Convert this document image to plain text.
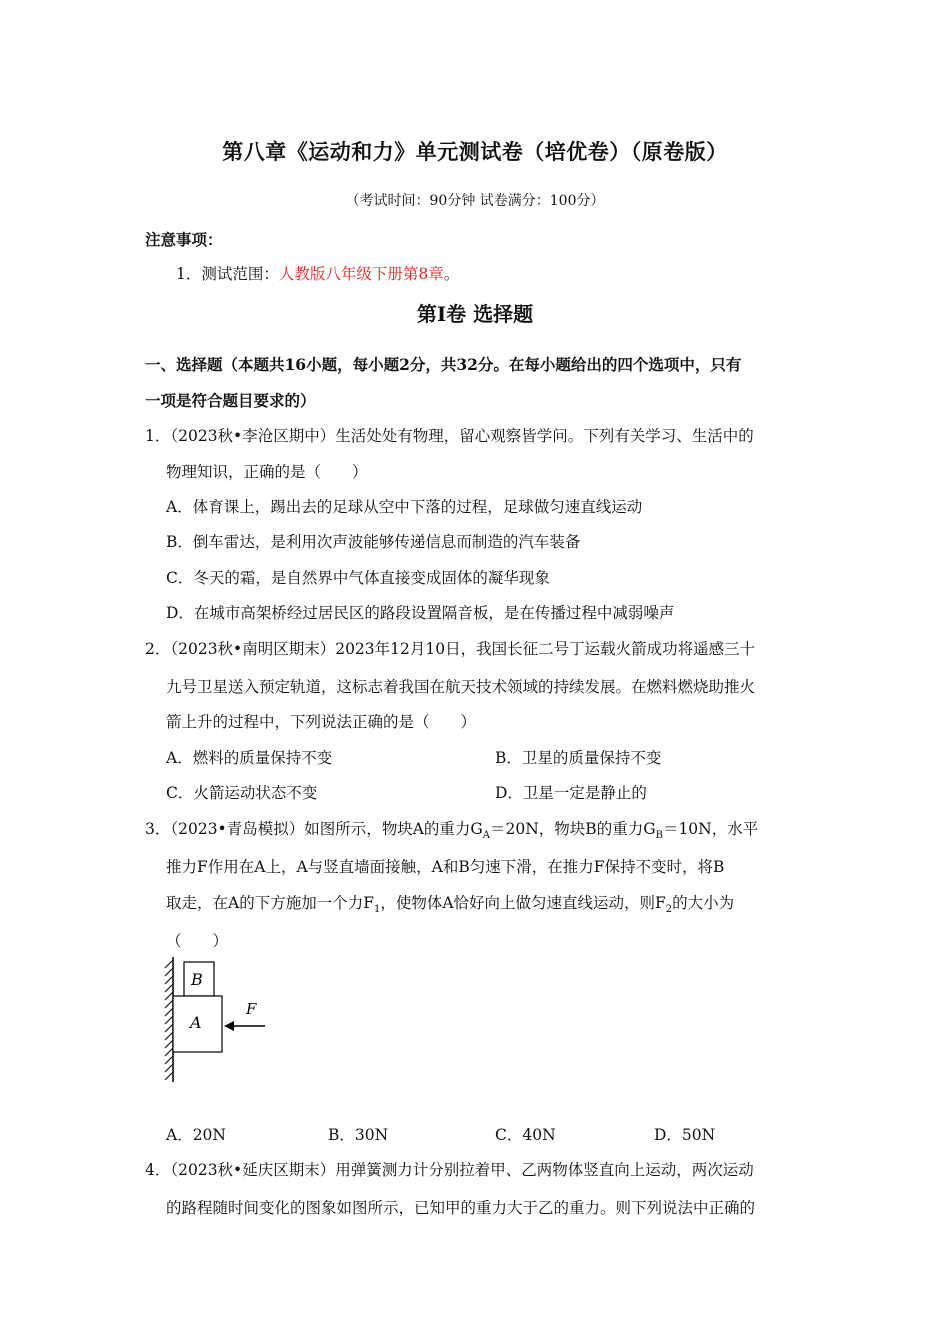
第八章《运动和力》单元测试卷（培优卷）（原卷版）
（考试时间：90分钟 试卷满分：100分）
注意事项：
1．测试范围：人教版八年级下册第8章。
第Ⅰ卷 选择题
一、选择题（本题共16小题，每小题2分，共32分。在每小题给出的四个选项中，只有
一项是符合题目要求的）
1．（2023秋•李沧区期中）生活处处有物理，留心观察皆学问。下列有关学习、生活中的
物理知识，正确的是（　　）
A．体育课上，踢出去的足球从空中下落的过程，足球做匀速直线运动
B．倒车雷达，是利用次声波能够传递信息而制造的汽车装备
C．冬天的霜，是自然界中气体直接变成固体的凝华现象
D．在城市高架桥经过居民区的路段设置隔音板，是在传播过程中减弱噪声
2．（2023秋•南明区期末）2023年12月10日，我国长征二号丁运载火箭成功将遥感三十
九号卫星送入预定轨道，这标志着我国在航天技术领域的持续发展。在燃料燃烧助推火
箭上升的过程中，下列说法正确的是（　　）
A．燃料的质量保持不变	B．卫星的质量保持不变
C．火箭运动状态不变	D．卫星一定是静止的
3．（2023•青岛模拟）如图所示，物块A的重力$G_A=20N$，物块B的重力$G_B=10N$，水平
推力F作用在A上，A与竖直墙面接触，A和B匀速下滑，在推力F保持不变时，将B
取走，在A的下方施加一个力$F_1$，使物体A恰好向上做匀速直线运动，则$F_2$的大小为
（　　）
B
A
F
A．20N	B．30N	C．40N	D．50N
4．（2023秋•延庆区期末）用弹簧测力计分别拉着甲、乙两物体竖直向上运动，两次运动
的路程随时间变化的图象如图所示，已知甲的重力大于乙的重力。则下列说法中正确的
